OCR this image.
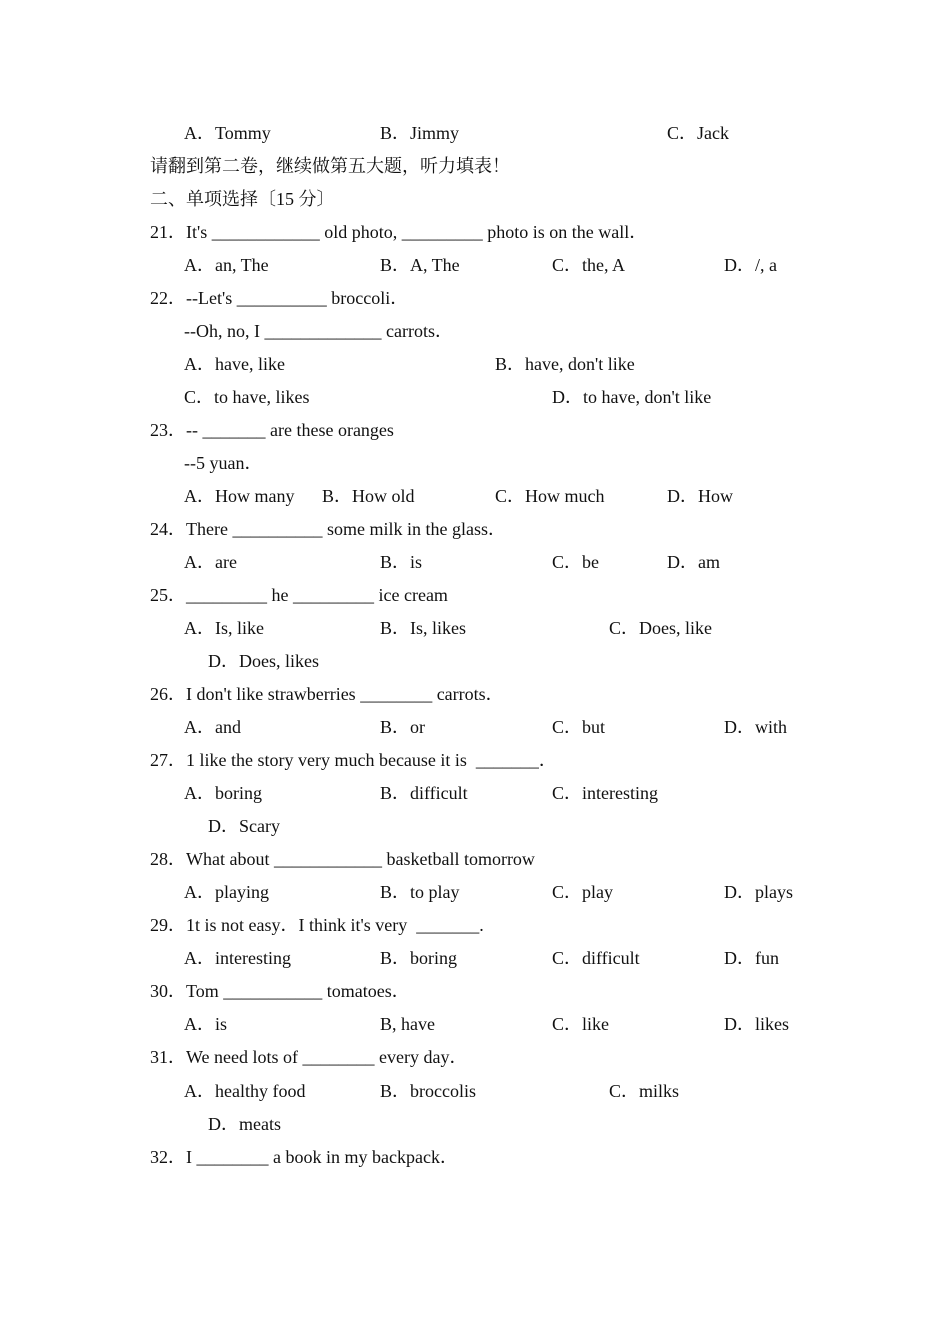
A．Tommy	B．Jimmy	C．Jack
请翻到第二卷，继续做第五大题，听力填表！
二、单项选择〔15 分〕
21．It's ____________ old photo, _________ photo is on the wall．
A．an, The	B．A, The	C．the, A	D．/, a
22．--Let's __________ broccoli．
--Oh, no, I _____________ carrots．
A．have, like	B．have, don't like
C．to have, likes	D．to have, don't like
23．-- _______ are these oranges
--5 yuan．
A．How many B．How old	C．How much	D．How
24．There __________ some milk in the glass．
A．are	B．is	C．be	D．am
25．_________ he _________ ice cream
A．Is, like	B．Is, likes	C．Does, like
D．Does, likes
26．I don't like strawberries ________ carrots．
A．and	B．or	C．but	D．with
27．1 like the story very much because it is  _______．
A．boring	B．difficult	C．interesting
D．Scary
28．What about ____________ basketball tomorrow
A．playing	B．to play	C．play	D．plays
29．1t is not easy．I think it's very  _______.
A．interesting	B．boring	C．difficult	D．fun
30．Tom ___________ tomatoes．
A．is	B, have	C．like	D．likes
31．We need lots of ________ every day．
A．healthy food	B．broccolis	C．milks
D．meats
32．I ________ a book in my backpack．
